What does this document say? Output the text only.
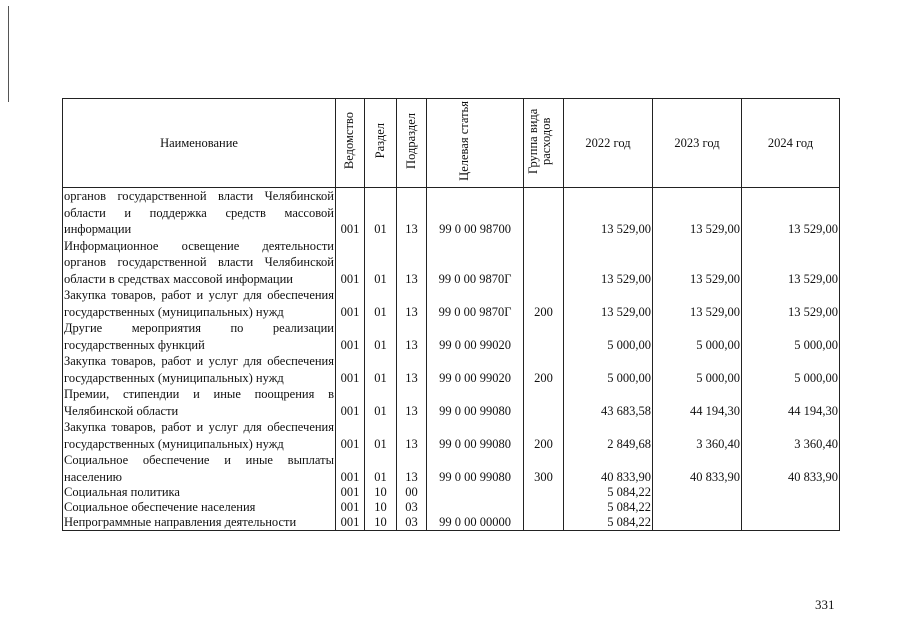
Наименование	Ведомство	Раздел	Подраздел	Целевая статья	Группа вида расходов	2022 год	2023 год	2024 год
органов государственной власти Челябинской области и поддержка средств массовой информации	001	01	13	99 0 00 98700		13 529,00	13 529,00	13 529,00
Информационное освещение деятельности органов государственной власти Челябинской области в средствах массовой информации	001	01	13	99 0 00 9870Г		13 529,00	13 529,00	13 529,00
Закупка товаров, работ и услуг для обеспечения государственных (муниципальных) нужд	001	01	13	99 0 00 9870Г	200	13 529,00	13 529,00	13 529,00
Другие мероприятия по реализации государственных функций	001	01	13	99 0 00 99020		5 000,00	5 000,00	5 000,00
Закупка товаров, работ и услуг для обеспечения государственных (муниципальных) нужд	001	01	13	99 0 00 99020	200	5 000,00	5 000,00	5 000,00
Премии, стипендии и иные поощрения в Челябинской области	001	01	13	99 0 00 99080		43 683,58	44 194,30	44 194,30
Закупка товаров, работ и услуг для обеспечения государственных (муниципальных) нужд	001	01	13	99 0 00 99080	200	2 849,68	3 360,40	3 360,40
Социальное обеспечение и иные выплаты населению	001	01	13	99 0 00 99080	300	40 833,90	40 833,90	40 833,90
Социальная политика	001	10	00			5 084,22		
Социальное обеспечение населения	001	10	03			5 084,22		
Непрограммные направления деятельности	001	10	03	99 0 00 00000		5 084,22		
331
